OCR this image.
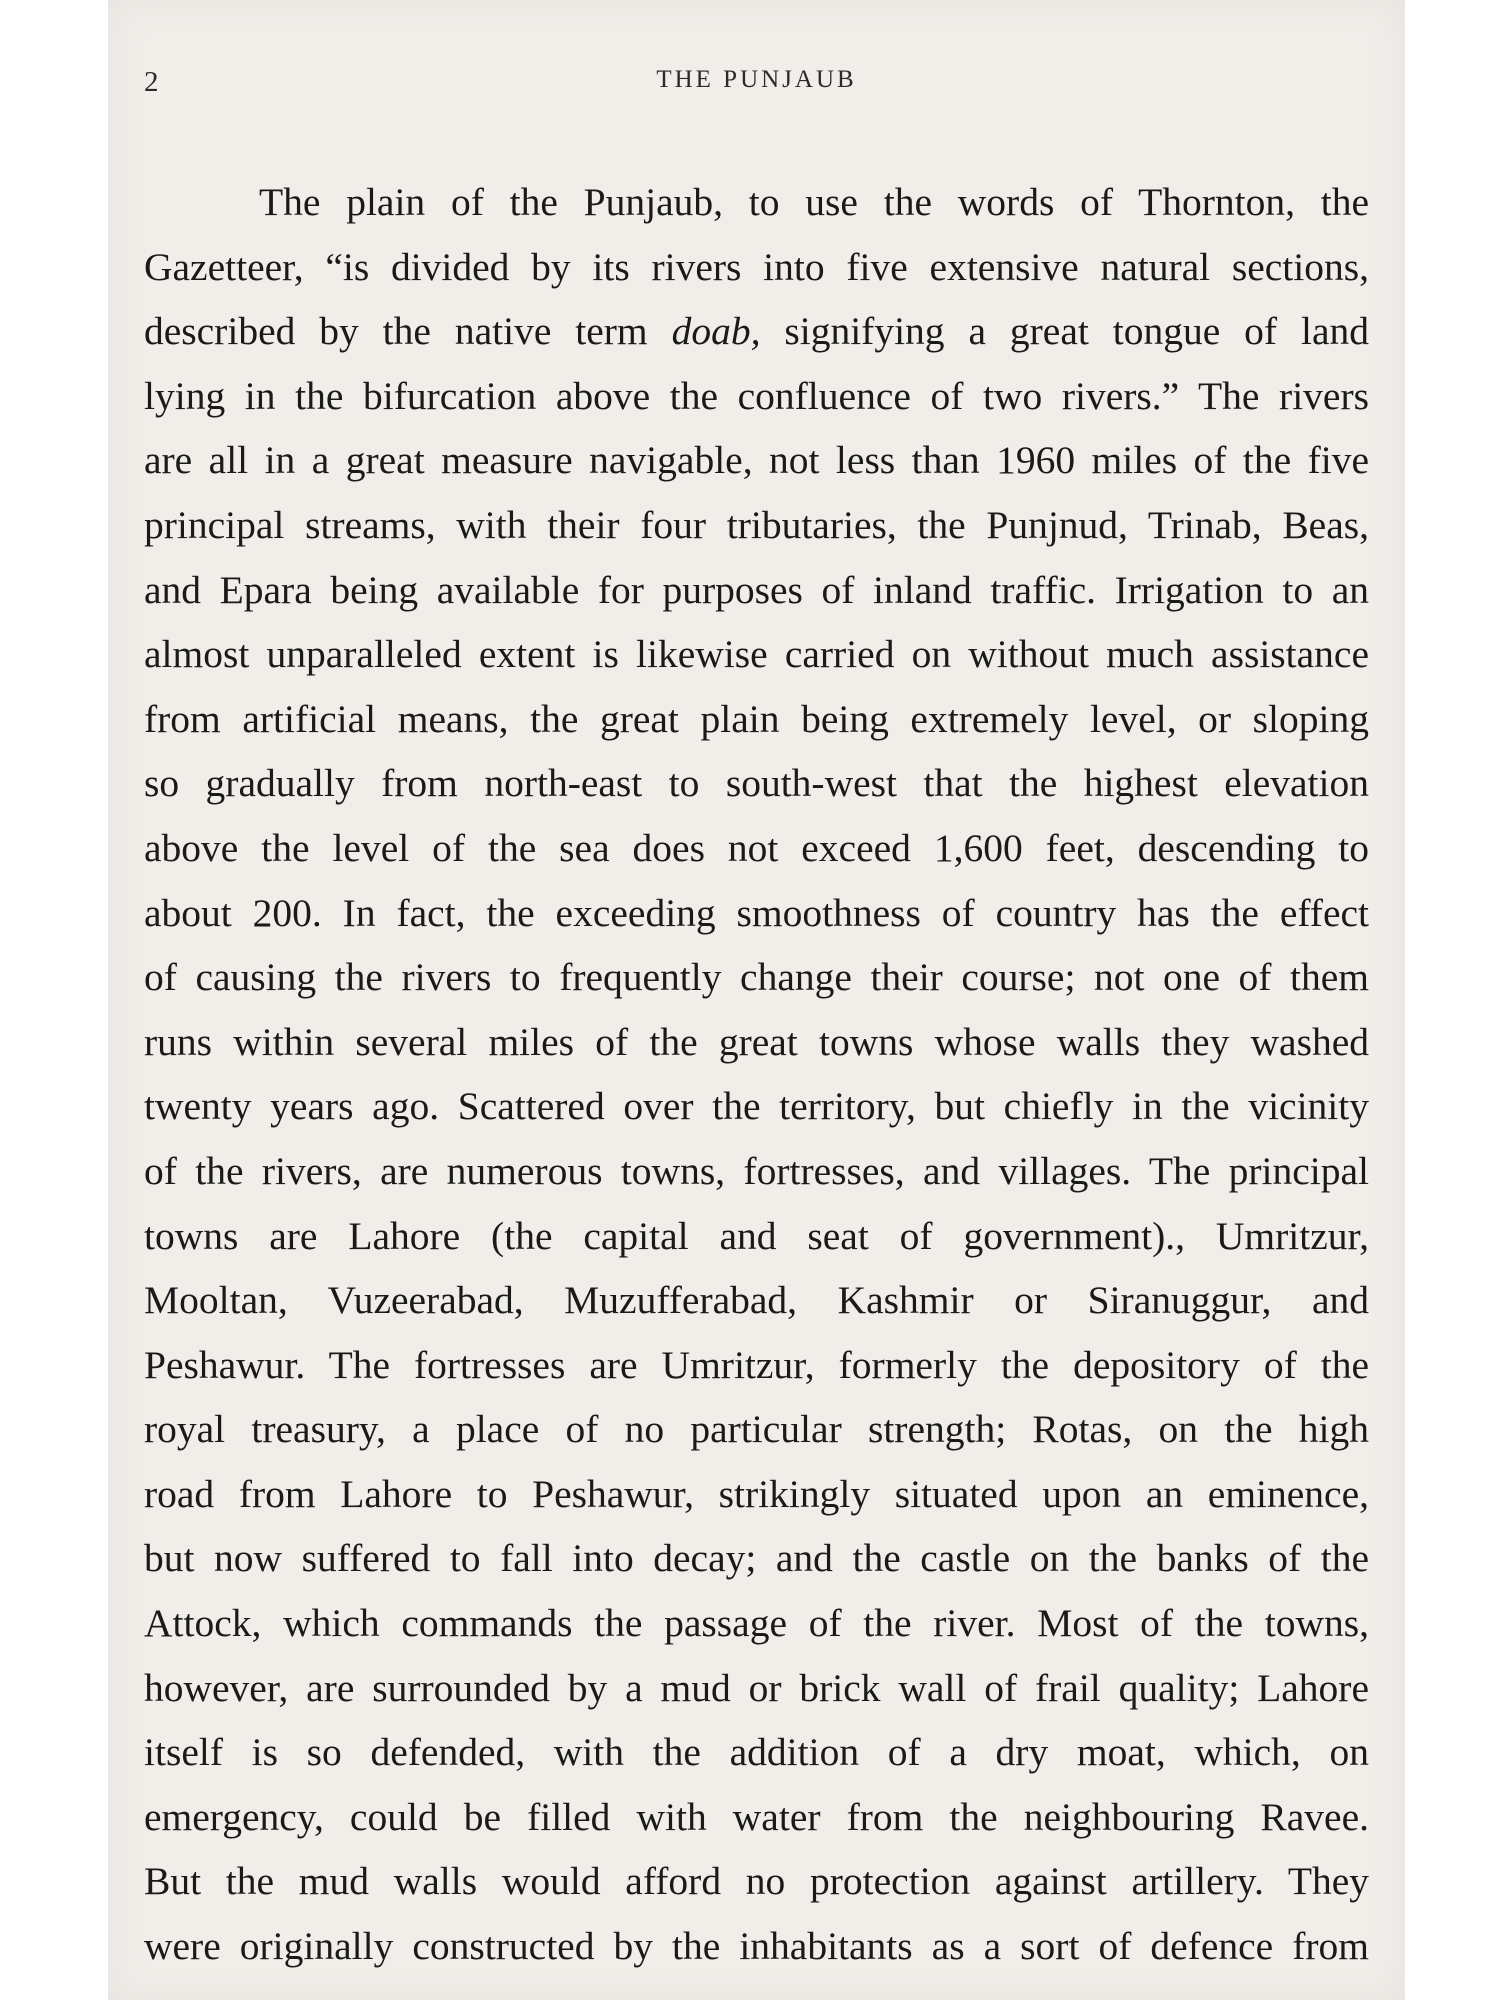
2	THE PUNJAUB

The plain of the Punjaub, to use the words of Thornton, the
Gazetteer, “is divided by its rivers into five extensive natural sections,
described by the native term doab, signifying a great tongue of land
lying in the bifurcation above the confluence of two rivers.” The rivers
are all in a great measure navigable, not less than 1960 miles of the five
principal streams, with their four tributaries, the Punjnud, Trinab, Beas,
and Epara being available for purposes of inland traffic. Irrigation to an
almost unparalleled extent is likewise carried on without much assistance
from artificial means, the great plain being extremely level, or sloping
so gradually from north-east to south-west that the highest elevation
above the level of the sea does not exceed 1,600 feet, descending to
about 200. In fact, the exceeding smoothness of country has the effect
of causing the rivers to frequently change their course; not one of them
runs within several miles of the great towns whose walls they washed
twenty years ago. Scattered over the territory, but chiefly in the vicinity
of the rivers, are numerous towns, fortresses, and villages. The principal
towns are Lahore (the capital and seat of government)., Umritzur,
Mooltan, Vuzeerabad, Muzufferabad, Kashmir or Siranuggur, and
Peshawur. The fortresses are Umritzur, formerly the depository of the
royal treasury, a place of no particular strength; Rotas, on the high
road from Lahore to Peshawur, strikingly situated upon an eminence,
but now suffered to fall into decay; and the castle on the banks of the
Attock, which commands the passage of the river. Most of the towns,
however, are surrounded by a mud or brick wall of frail quality; Lahore
itself is so defended, with the addition of a dry moat, which, on
emergency, could be filled with water from the neighbouring Ravee.
But the mud walls would afford no protection against artillery. They
were originally constructed by the inhabitants as a sort of defence from
